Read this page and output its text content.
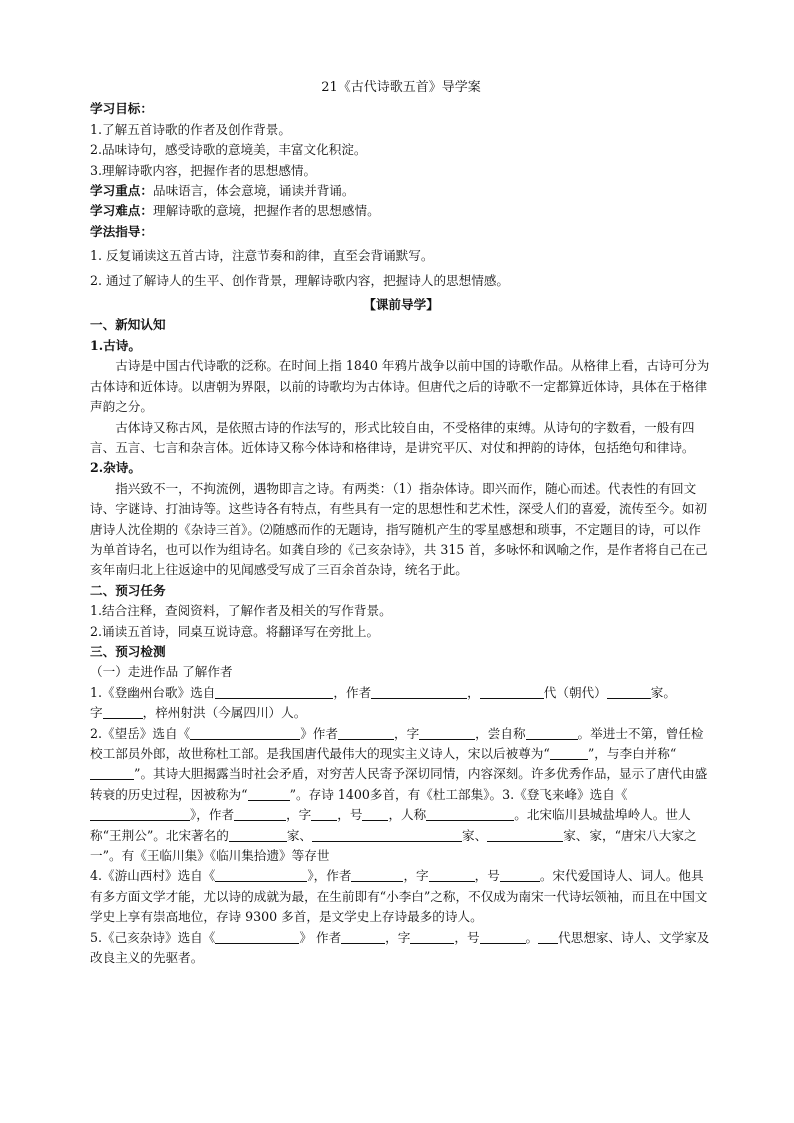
21《古代诗歌五首》导学案

学习目标：

1.了解五首诗歌的作者及创作背景。

2.品味诗句，感受诗歌的意境美，丰富文化积淀。

3.理解诗歌内容，把握作者的思想感情。

学习重点：品味语言，体会意境，诵读并背诵。

学习难点：理解诗歌的意境，把握作者的思想感情。

学法指导：

1. 反复诵读这五首古诗，注意节奏和韵律，直至会背诵默写。

2. 通过了解诗人的生平、创作背景，理解诗歌内容，把握诗人的思想情感。

【课前导学】

一、新知认知

1.古诗。

古诗是中国古代诗歌的泛称。在时间上指 1840 年鸦片战争以前中国的诗歌作品。从格律上看，古诗可分为古体诗和近体诗。以唐朝为界限，以前的诗歌均为古体诗。但唐代之后的诗歌不一定都算近体诗，具体在于格律声韵之分。

古体诗又称古风，是依照古诗的作法写的，形式比较自由，不受格律的束缚。从诗句的字数看，一般有四言、五言、七言和杂言体。近体诗又称今体诗和格律诗，是讲究平仄、对仗和押韵的诗体，包括绝句和律诗。

2.杂诗。

指兴致不一，不拘流例，遇物即言之诗。有两类：（1）指杂体诗。即兴而作，随心而述。代表性的有回文诗、字谜诗、打油诗等。这些诗各有特点，有些具有一定的思想性和艺术性，深受人们的喜爱，流传至今。如初唐诗人沈佺期的《杂诗三首》。⑵随感而作的无题诗，指写随机产生的零星感想和琐事，不定题目的诗，可以作为单首诗名，也可以作为组诗名。如龚自珍的《己亥杂诗》，共 315 首，多咏怀和讽喻之作，是作者将自己在己亥年南归北上往返途中的见闻感受写成了三百余首杂诗，统名于此。

二、预习任务

1.结合注释，查阅资料，了解作者及相关的写作背景。

2.诵读五首诗，同桌互说诗意。将翻译写在旁批上。

三、预习检测

（一）走进作品 了解作者

1.《登幽州台歌》选自	，作者	，	代（朝代）	家。
字	，梓州射洪（今属四川）人。

2.《望岳》选自《	》作者	，字	，尝自称	。举进士不第，曾任检校工部员外郎，故世称杜工部。是我国唐代最伟大的现实主义诗人，宋以后被尊为“	”，与李白并称“”。其诗大胆揭露当时社会矛盾，对穷苦人民寄予深切同情，内容深刻。许多优秀作品，显示了唐代由盛转衰的历史过程，因被称为“	”。存诗 1400多首，有《杜工部集》。3.《登飞来峰》选自《》，作者	，字 ，号 ，人称	。北宋临川县城盐埠岭人。世人称“王荆公”。北宋著名的	家、	家、	家、家，“唐宋八大家之一”。有《王临川集》《临川集拾遗》等存世

4.《游山西村》选自《	》，作者	，字	，号	。宋代爱国诗人、词人。他具有多方面文学才能，尤以诗的成就为最，在生前即有“小李白”之称，不仅成为南宋一代诗坛领袖，而且在中国文学史上享有崇高地位，存诗 9300 多首，是文学史上存诗最多的诗人。

5.《己亥杂诗》选自《	》 作者	，字	，号	。 代思想家、诗人、文学家及改良主义的先驱者。
